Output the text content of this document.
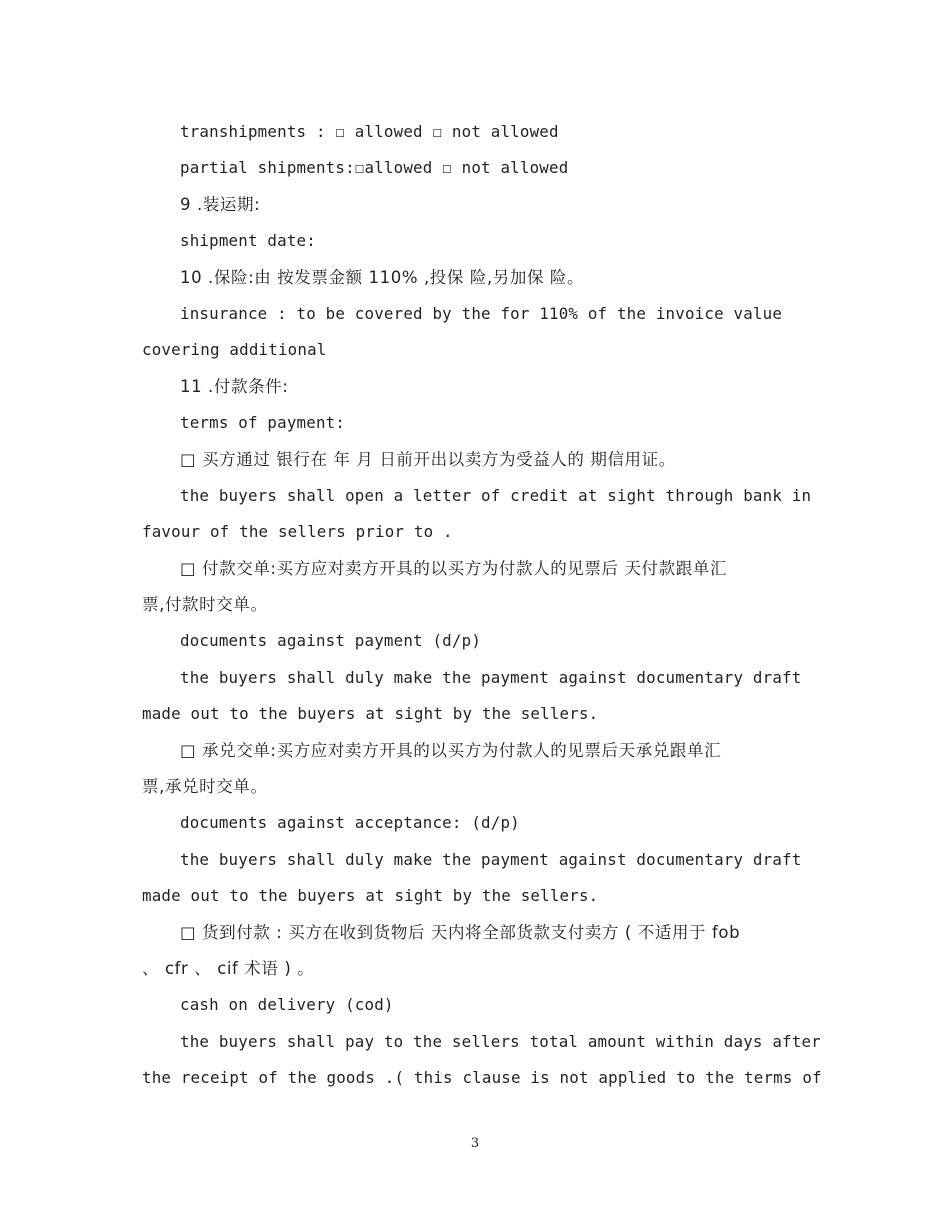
transhipments : ☐ allowed ☐ not allowed
partial shipments:☐allowed ☐ not allowed
9 .装运期:
shipment date:
10 .保险:由 按发票金额 110% ,投保 险,另加保 险。
insurance : to be covered by the for 110% of the invoice value
covering additional
11 .付款条件:
terms of payment:
□ 买方通过 银行在 年 月 日前开出以卖方为受益人的 期信用证。
the buyers shall open a letter of credit at sight through bank in
favour of the sellers prior to .
□ 付款交单:买方应对卖方开具的以买方为付款人的见票后 天付款跟单汇
票,付款时交单。
documents against payment (d/p)
the buyers shall duly make the payment against documentary draft
made out to the buyers at sight by the sellers.
□ 承兑交单:买方应对卖方开具的以买方为付款人的见票后天承兑跟单汇
票,承兑时交单。
documents against acceptance: (d/p)
the buyers shall duly make the payment against documentary draft
made out to the buyers at sight by the sellers.
□ 货到付款 : 买方在收到货物后 天内将全部货款支付卖方 ( 不适用于 fob
、 cfr 、 cif 术语 ) 。
cash on delivery (cod)
the buyers shall pay to the sellers total amount within days after
the receipt of the goods .( this clause is not applied to the terms of
3
